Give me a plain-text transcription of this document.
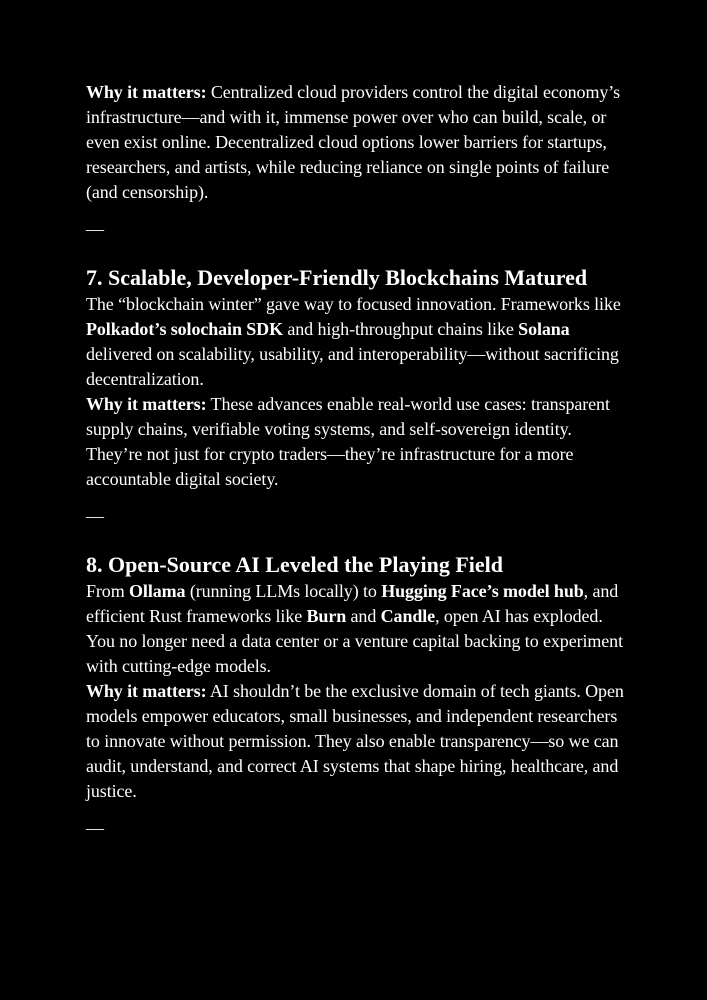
Why it matters: Centralized cloud providers control the digital economy’s infrastructure—and with it, immense power over who can build, scale, or even exist online. Decentralized cloud options lower barriers for startups, researchers, and artists, while reducing reliance on single points of failure (and censorship).

—
7. Scalable, Developer-Friendly Blockchains Matured

The “blockchain winter” gave way to focused innovation. Frameworks like Polkadot’s solochain SDK and high-throughput chains like Solana delivered on scalability, usability, and interoperability—without sacrificing decentralization.

Why it matters: These advances enable real-world use cases: transparent supply chains, verifiable voting systems, and self-sovereign identity. They’re not just for crypto traders—they’re infrastructure for a more accountable digital society.

—
8. Open-Source AI Leveled the Playing Field

From Ollama (running LLMs locally) to Hugging Face’s model hub, and efficient Rust frameworks like Burn and Candle, open AI has exploded. You no longer need a data center or a venture capital backing to experiment with cutting-edge models.

Why it matters: AI shouldn’t be the exclusive domain of tech giants. Open models empower educators, small businesses, and independent researchers to innovate without permission. They also enable transparency—so we can audit, understand, and correct AI systems that shape hiring, healthcare, and justice.

—
